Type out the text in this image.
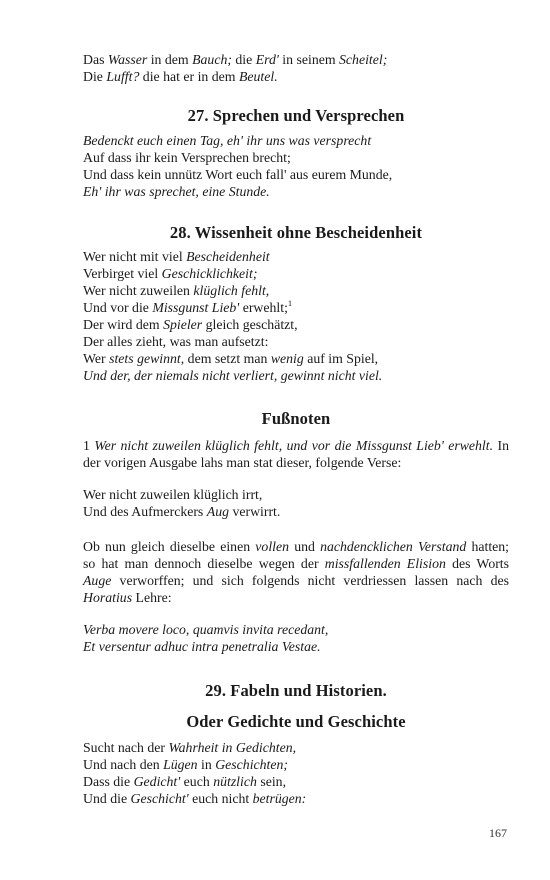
Das Wasser in dem Bauch; die Erd' in seinem Scheitel;
Die Lufft? die hat er in dem Beutel.
27. Sprechen und Versprechen
Bedenckt euch einen Tag, eh' ihr uns was versprecht
Auf dass ihr kein Versprechen brecht;
Und dass kein unnütz Wort euch fall' aus eurem Munde,
Eh' ihr was sprechet, eine Stunde.
28. Wissenheit ohne Bescheidenheit
Wer nicht mit viel Bescheidenheit
Verbirget viel Geschicklichkeit;
Wer nicht zuweilen klüglich fehlt,
Und vor die Missgunst Lieb' erwehlt;$^1$
Der wird dem Spieler gleich geschätzt,
Der alles zieht, was man aufsetzt:
Wer stets gewinnt, dem setzt man wenig auf im Spiel,
Und der, der niemals nicht verliert, gewinnt nicht viel.
Fußnoten
1 Wer nicht zuweilen klüglich fehlt, und vor die Missgunst Lieb' erwehlt. In der vorigen Ausgabe lahs man stat dieser, folgende Verse:
Wer nicht zuweilen klüglich irrt,
Und des Aufmerckers Aug verwirrt.
Ob nun gleich dieselbe einen vollen und nachdencklichen Verstand hatten; so hat man dennoch dieselbe wegen der missfallenden Elision des Worts Auge verworffen; und sich folgends nicht verdriessen lassen nach des Horatius Lehre:
Verba movere loco, quamvis invita recedant,
Et versentur adhuc intra penetralia Vestae.
29. Fabeln und Historien.
Oder Gedichte und Geschichte
Sucht nach der Wahrheit in Gedichten,
Und nach den Lügen in Geschichten;
Dass die Gedicht' euch nützlich sein,
Und die Geschicht' euch nicht betrügen:
167
